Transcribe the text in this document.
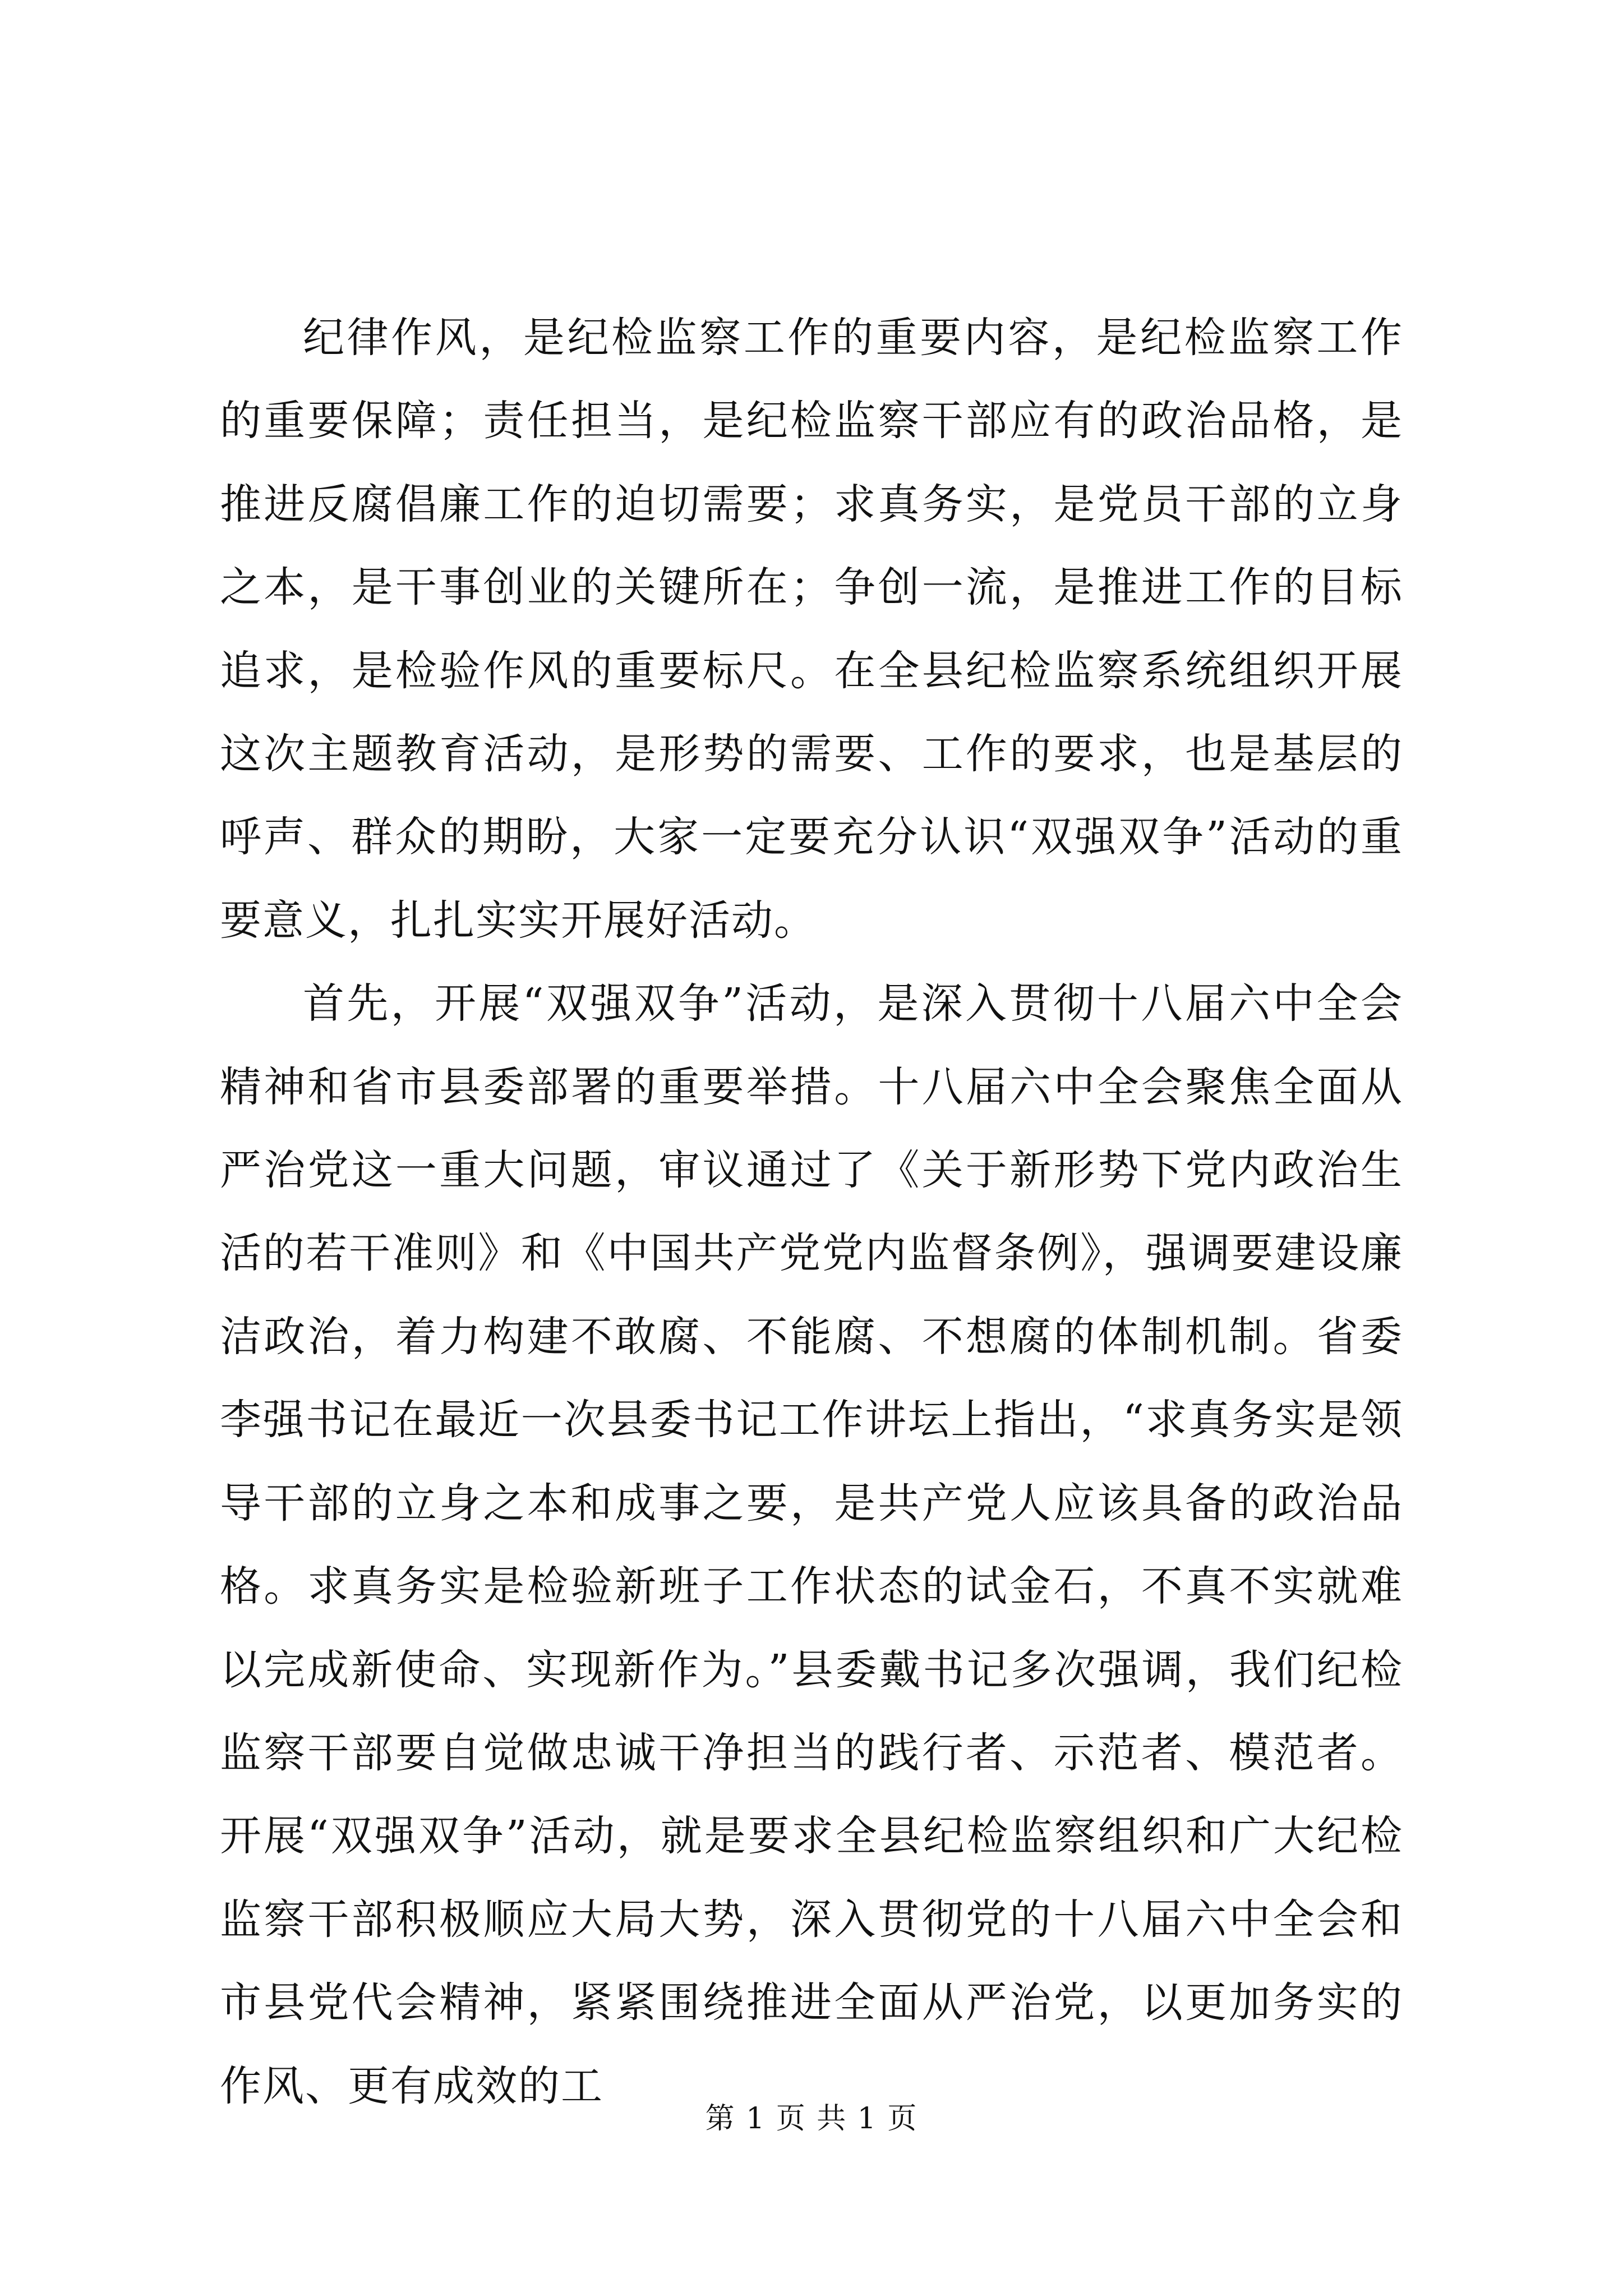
纪律作风，是纪检监察工作的重要内容，是纪检监察工作的重要保障；责任担当，是纪检监察干部应有的政治品格，是推进反腐倡廉工作的迫切需要；求真务实，是党员干部的立身之本，是干事创业的关键所在；争创一流，是推进工作的目标追求，是检验作风的重要标尺。在全县纪检监察系统组织开展这次主题教育活动，是形势的需要、工作的要求，也是基层的呼声、群众的期盼，大家一定要充分认识“双强双争”活动的重要意义，扎扎实实开展好活动。

首先，开展“双强双争”活动，是深入贯彻十八届六中全会精神和省市县委部署的重要举措。十八届六中全会聚焦全面从严治党这一重大问题，审议通过了《关于新形势下党内政治生活的若干准则》和《中国共产党党内监督条例》，强调要建设廉洁政治，着力构建不敢腐、不能腐、不想腐的体制机制。省委李强书记在最近一次县委书记工作讲坛上指出，“求真务实是领导干部的立身之本和成事之要，是共产党人应该具备的政治品格。求真务实是检验新班子工作状态的试金石，不真不实就难以完成新使命、实现新作为。”县委戴书记多次强调，我们纪检监察干部要自觉做忠诚干净担当的践行者、示范者、模范者。开展“双强双争”活动，就是要求全县纪检监察组织和广大纪检监察干部积极顺应大局大势，深入贯彻党的十八届六中全会和市县党代会精神，紧紧围绕推进全面从严治党，以更加务实的作风、更有成效的工

第 1 页 共 1 页
